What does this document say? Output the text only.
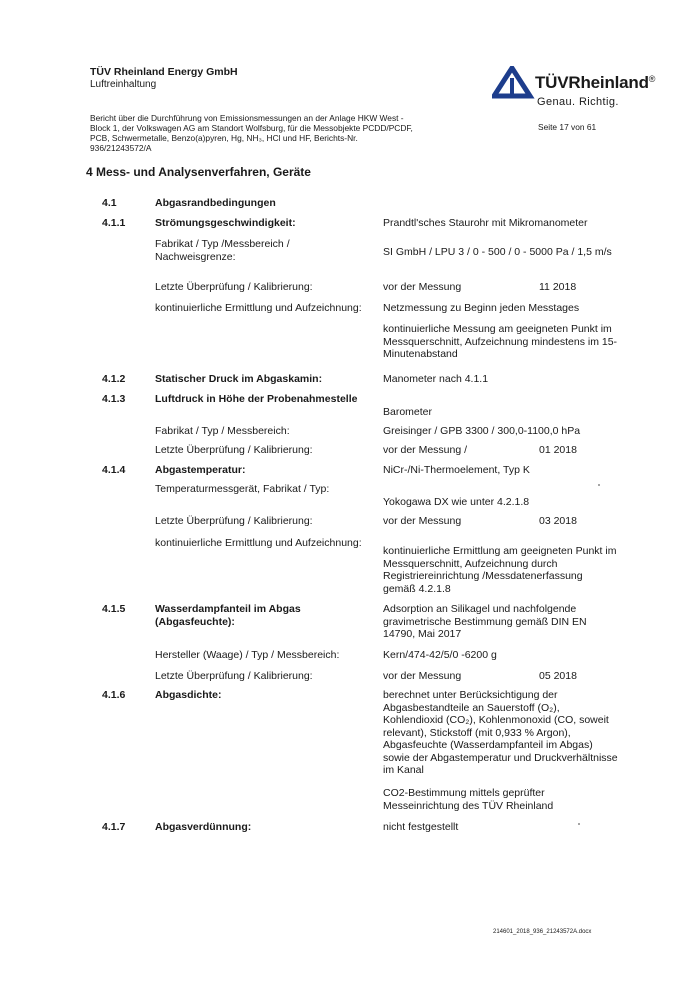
TÜV Rheinland Energy GmbH
Luftreinhaltung	TÜVRheinland®
Genau. Richtig.
Bericht über die Durchführung von Emissionsmessungen an der Anlage HKW West - Block 1, der Volkswagen AG am Standort Wolfsburg, für die Messobjekte PCDD/PCDF, PCB, Schwermetalle, Benzo(a)pyren, Hg, NH₃, HCl und HF, Berichts-Nr. 936/21243572/A
Seite 17 von 61
4 Mess- und Analysenverfahren, Geräte
4.1	Abgasrandbedingungen
4.1.1	Strömungsgeschwindigkeit:	Prandtl'sches Staurohr mit Mikromanometer
Fabrikat / Typ /Messbereich / Nachweisgrenze:	SI GmbH / LPU 3 / 0 - 500 / 0 - 5000 Pa / 1,5 m/s
Letzte Überprüfung / Kalibrierung:	vor der Messung	11 2018
kontinuierliche Ermittlung und Aufzeichnung:	Netzmessung zu Beginn jeden Messtages
kontinuierliche Messung am geeigneten Punkt im Messquerschnitt, Aufzeichnung mindestens im 15-Minutenabstand
4.1.2	Statischer Druck im Abgaskamin:	Manometer nach 4.1.1
4.1.3	Luftdruck in Höhe der Probenahmestelle
Barometer
Fabrikat / Typ / Messbereich:	Greisinger / GPB 3300 / 300,0-1100,0 hPa
Letzte Überprüfung / Kalibrierung:	vor der Messung /	01 2018
4.1.4	Abgastemperatur:	NiCr-/Ni-Thermoelement, Typ K
Temperaturmessgerät, Fabrikat / Typ:
Yokogawa DX wie unter 4.2.1.8
Letzte Überprüfung / Kalibrierung:	vor der Messung	03 2018
kontinuierliche Ermittlung und Aufzeichnung:
kontinuierliche Ermittlung am geeigneten Punkt im Messquerschnitt, Aufzeichnung durch Registriereinrichtung /Messdatenerfassung gemäß 4.2.1.8
4.1.5	Wasserdampfanteil im Abgas (Abgasfeuchte):
Adsorption an Silikagel und nachfolgende gravimetrische Bestimmung gemäß DIN EN 14790, Mai 2017
Hersteller (Waage) / Typ / Messbereich:	Kern/474-42/5/0 -6200 g
Letzte Überprüfung / Kalibrierung:	vor der Messung	05 2018
4.1.6	Abgasdichte:	berechnet unter Berücksichtigung der Abgasbestandteile an Sauerstoff (O₂), Kohlendioxid (CO₂), Kohlenmonoxid (CO, soweit relevant), Stickstoff (mit 0,933 % Argon), Abgasfeuchte (Wasserdampfanteil im Abgas) sowie der Abgastemperatur und Druckverhältnisse im Kanal
CO2-Bestimmung mittels geprüfter Messeinrichtung des TÜV Rheinland
4.1.7	Abgasverdünnung:	nicht festgestellt
214601_2018_936_21243572A.docx
